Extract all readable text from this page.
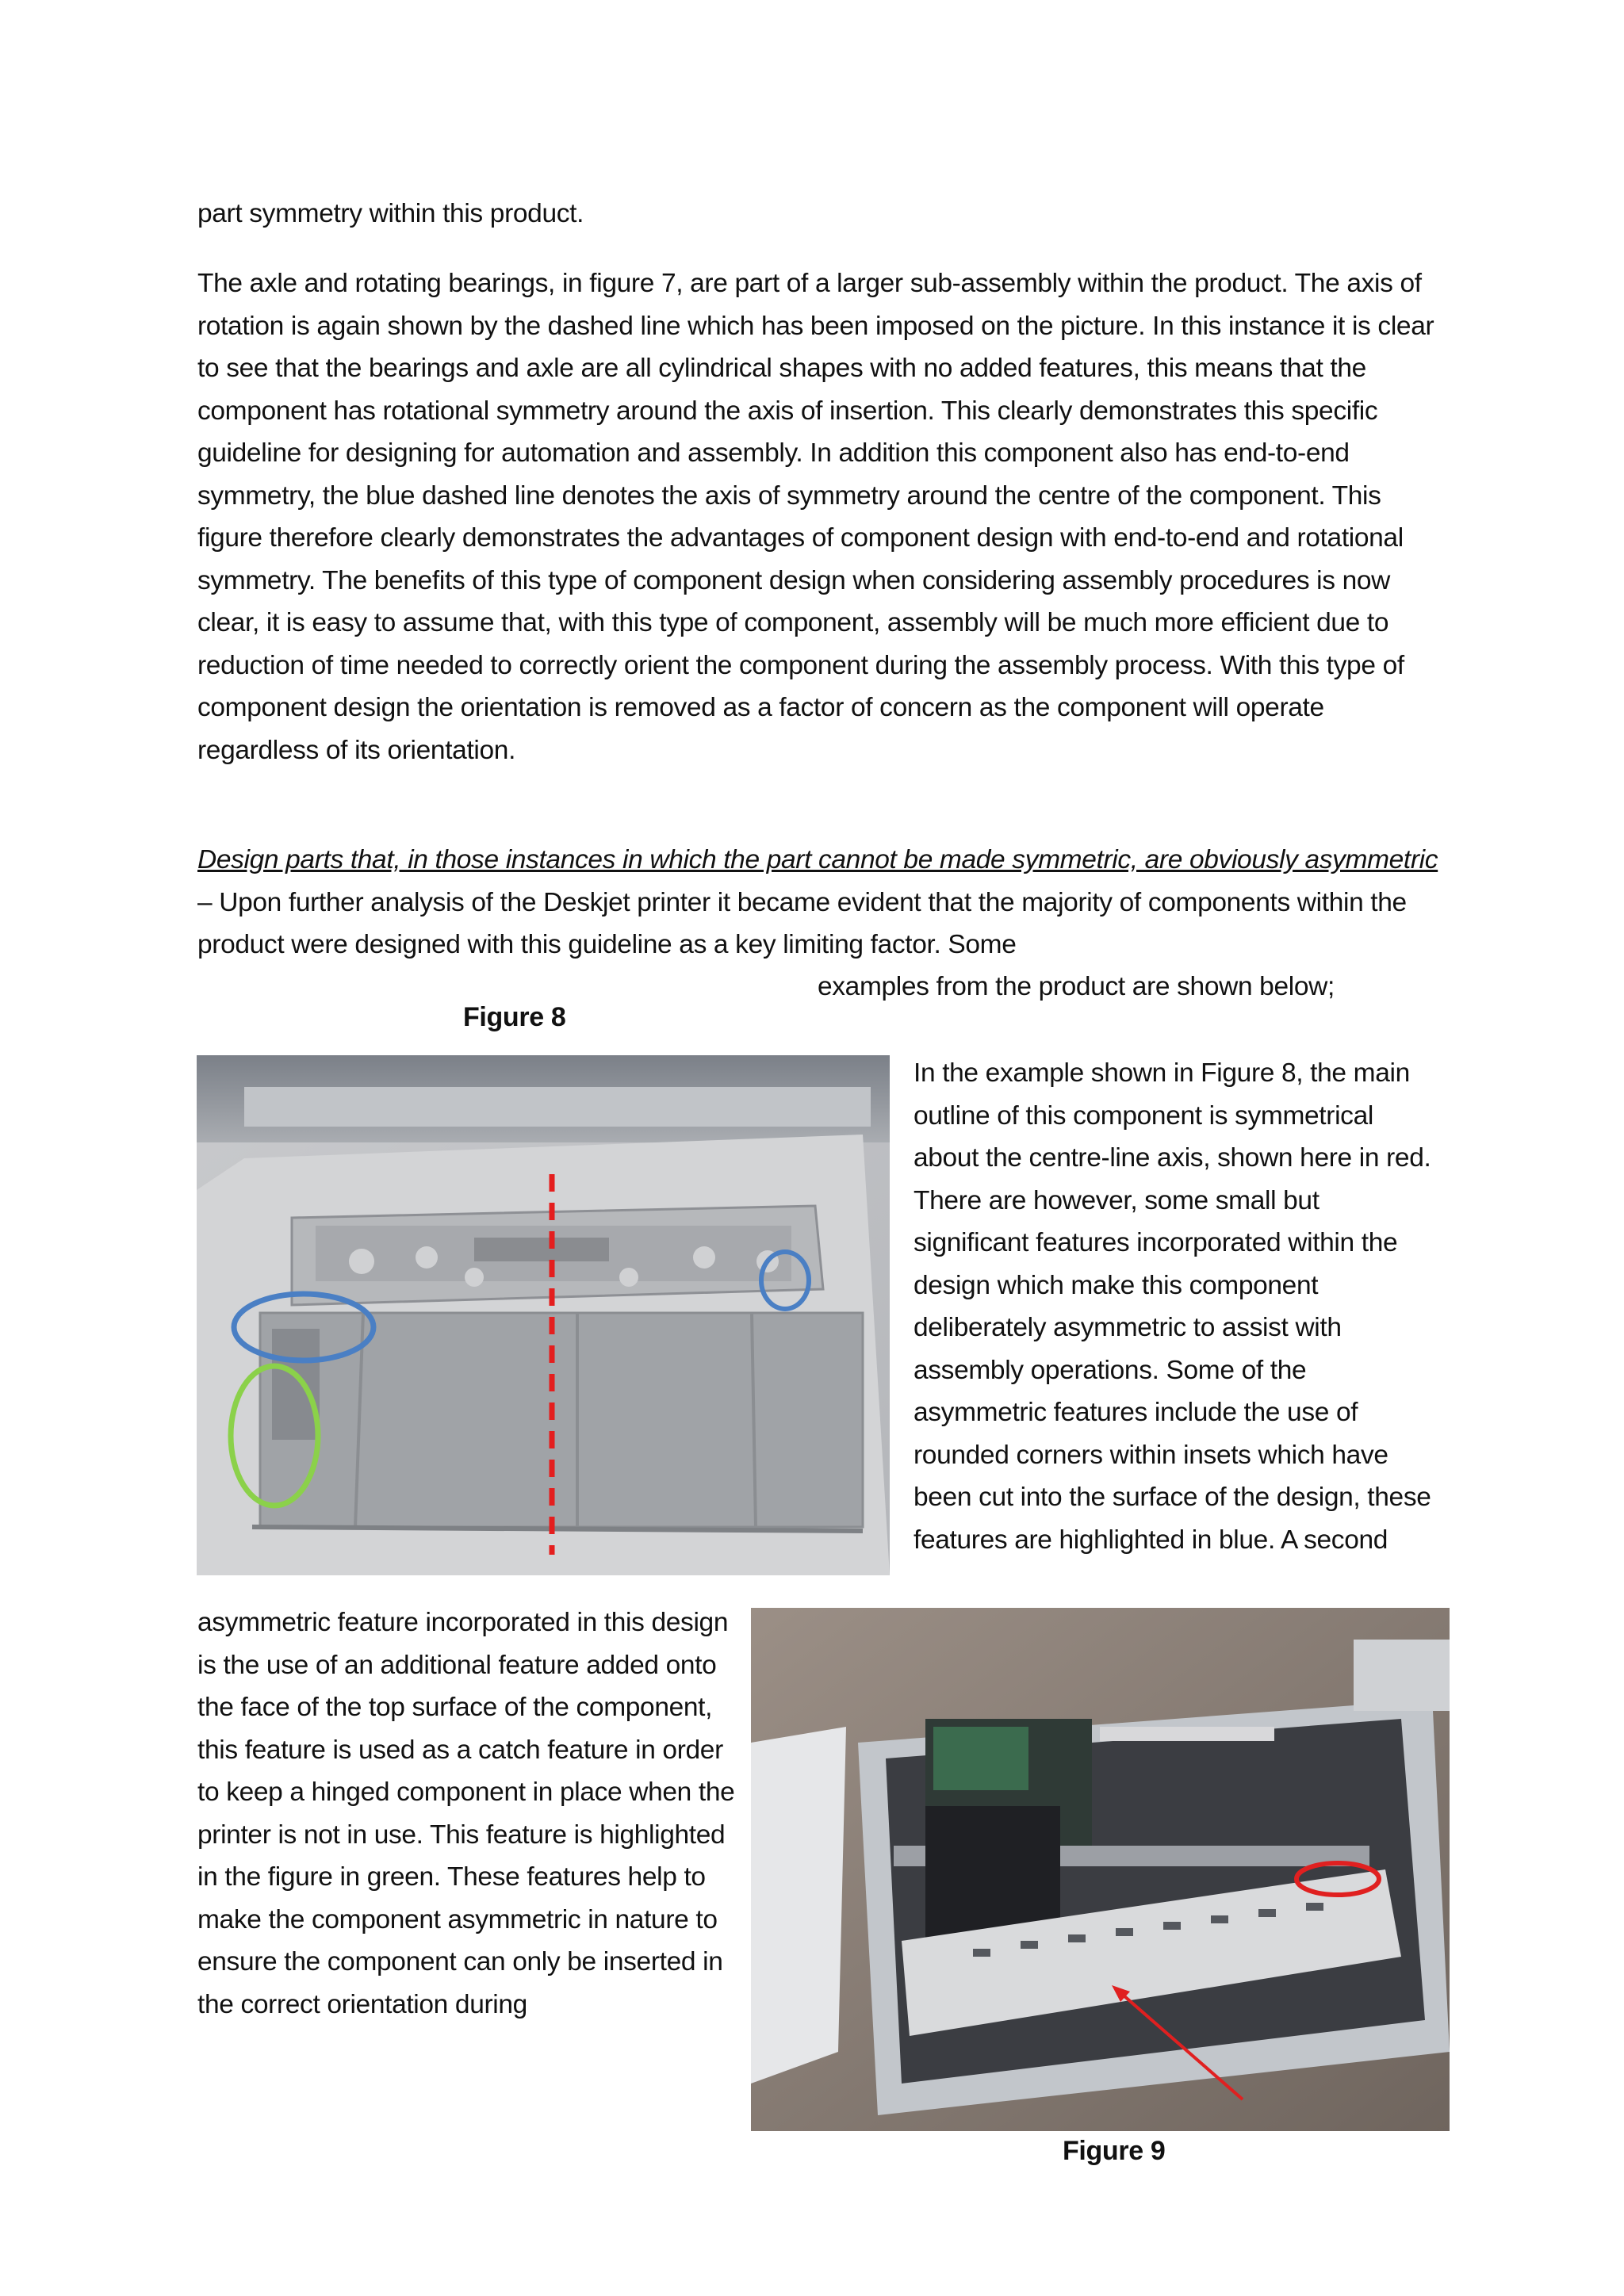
part symmetry within this product.

The axle and rotating bearings, in figure 7, are part of a larger sub-assembly within the product. The axis of rotation is again shown by the dashed line which has been imposed on the picture. In this instance it is clear to see that the bearings and axle are all cylindrical shapes with no added features, this means that the component has rotational symmetry around the axis of insertion. This clearly demonstrates this specific guideline for designing for automation and assembly. In addition this component also has end-to-end symmetry, the blue dashed line denotes the axis of symmetry around the centre of the component. This figure therefore clearly demonstrates the advantages of component design with end-to-end and rotational symmetry. The benefits of this type of component design when considering assembly procedures is now clear, it is easy to assume that, with this type of component, assembly will be much more efficient due to reduction of time needed to correctly orient the component during the assembly process. With this type of component design the orientation is removed as a factor of concern as the component will operate regardless of its orientation.

Design parts that, in those instances in which the part cannot be made symmetric, are obviously asymmetric – Upon further analysis of the Deskjet printer it became evident that the majority of components within the product were designed with this guideline as a key limiting factor. Some

examples from the product are shown below;

Figure 8

In the example shown in Figure 8, the main outline of this component is symmetrical about the centre-line axis, shown here in red. There are however, some small but significant features incorporated within the design which make this component deliberately asymmetric to assist with assembly operations. Some of the asymmetric features include the use of rounded corners within insets which have been cut into the surface of the design, these features are highlighted in blue. A second

asymmetric feature incorporated in this design is the use of an additional feature added onto the face of the top surface of the component, this feature is used as a catch feature in order to keep a hinged component in place when the printer is not in use. This feature is highlighted in the figure in green. These features help to make the component asymmetric in nature to ensure the component can only be inserted in the correct orientation during

Figure 9
